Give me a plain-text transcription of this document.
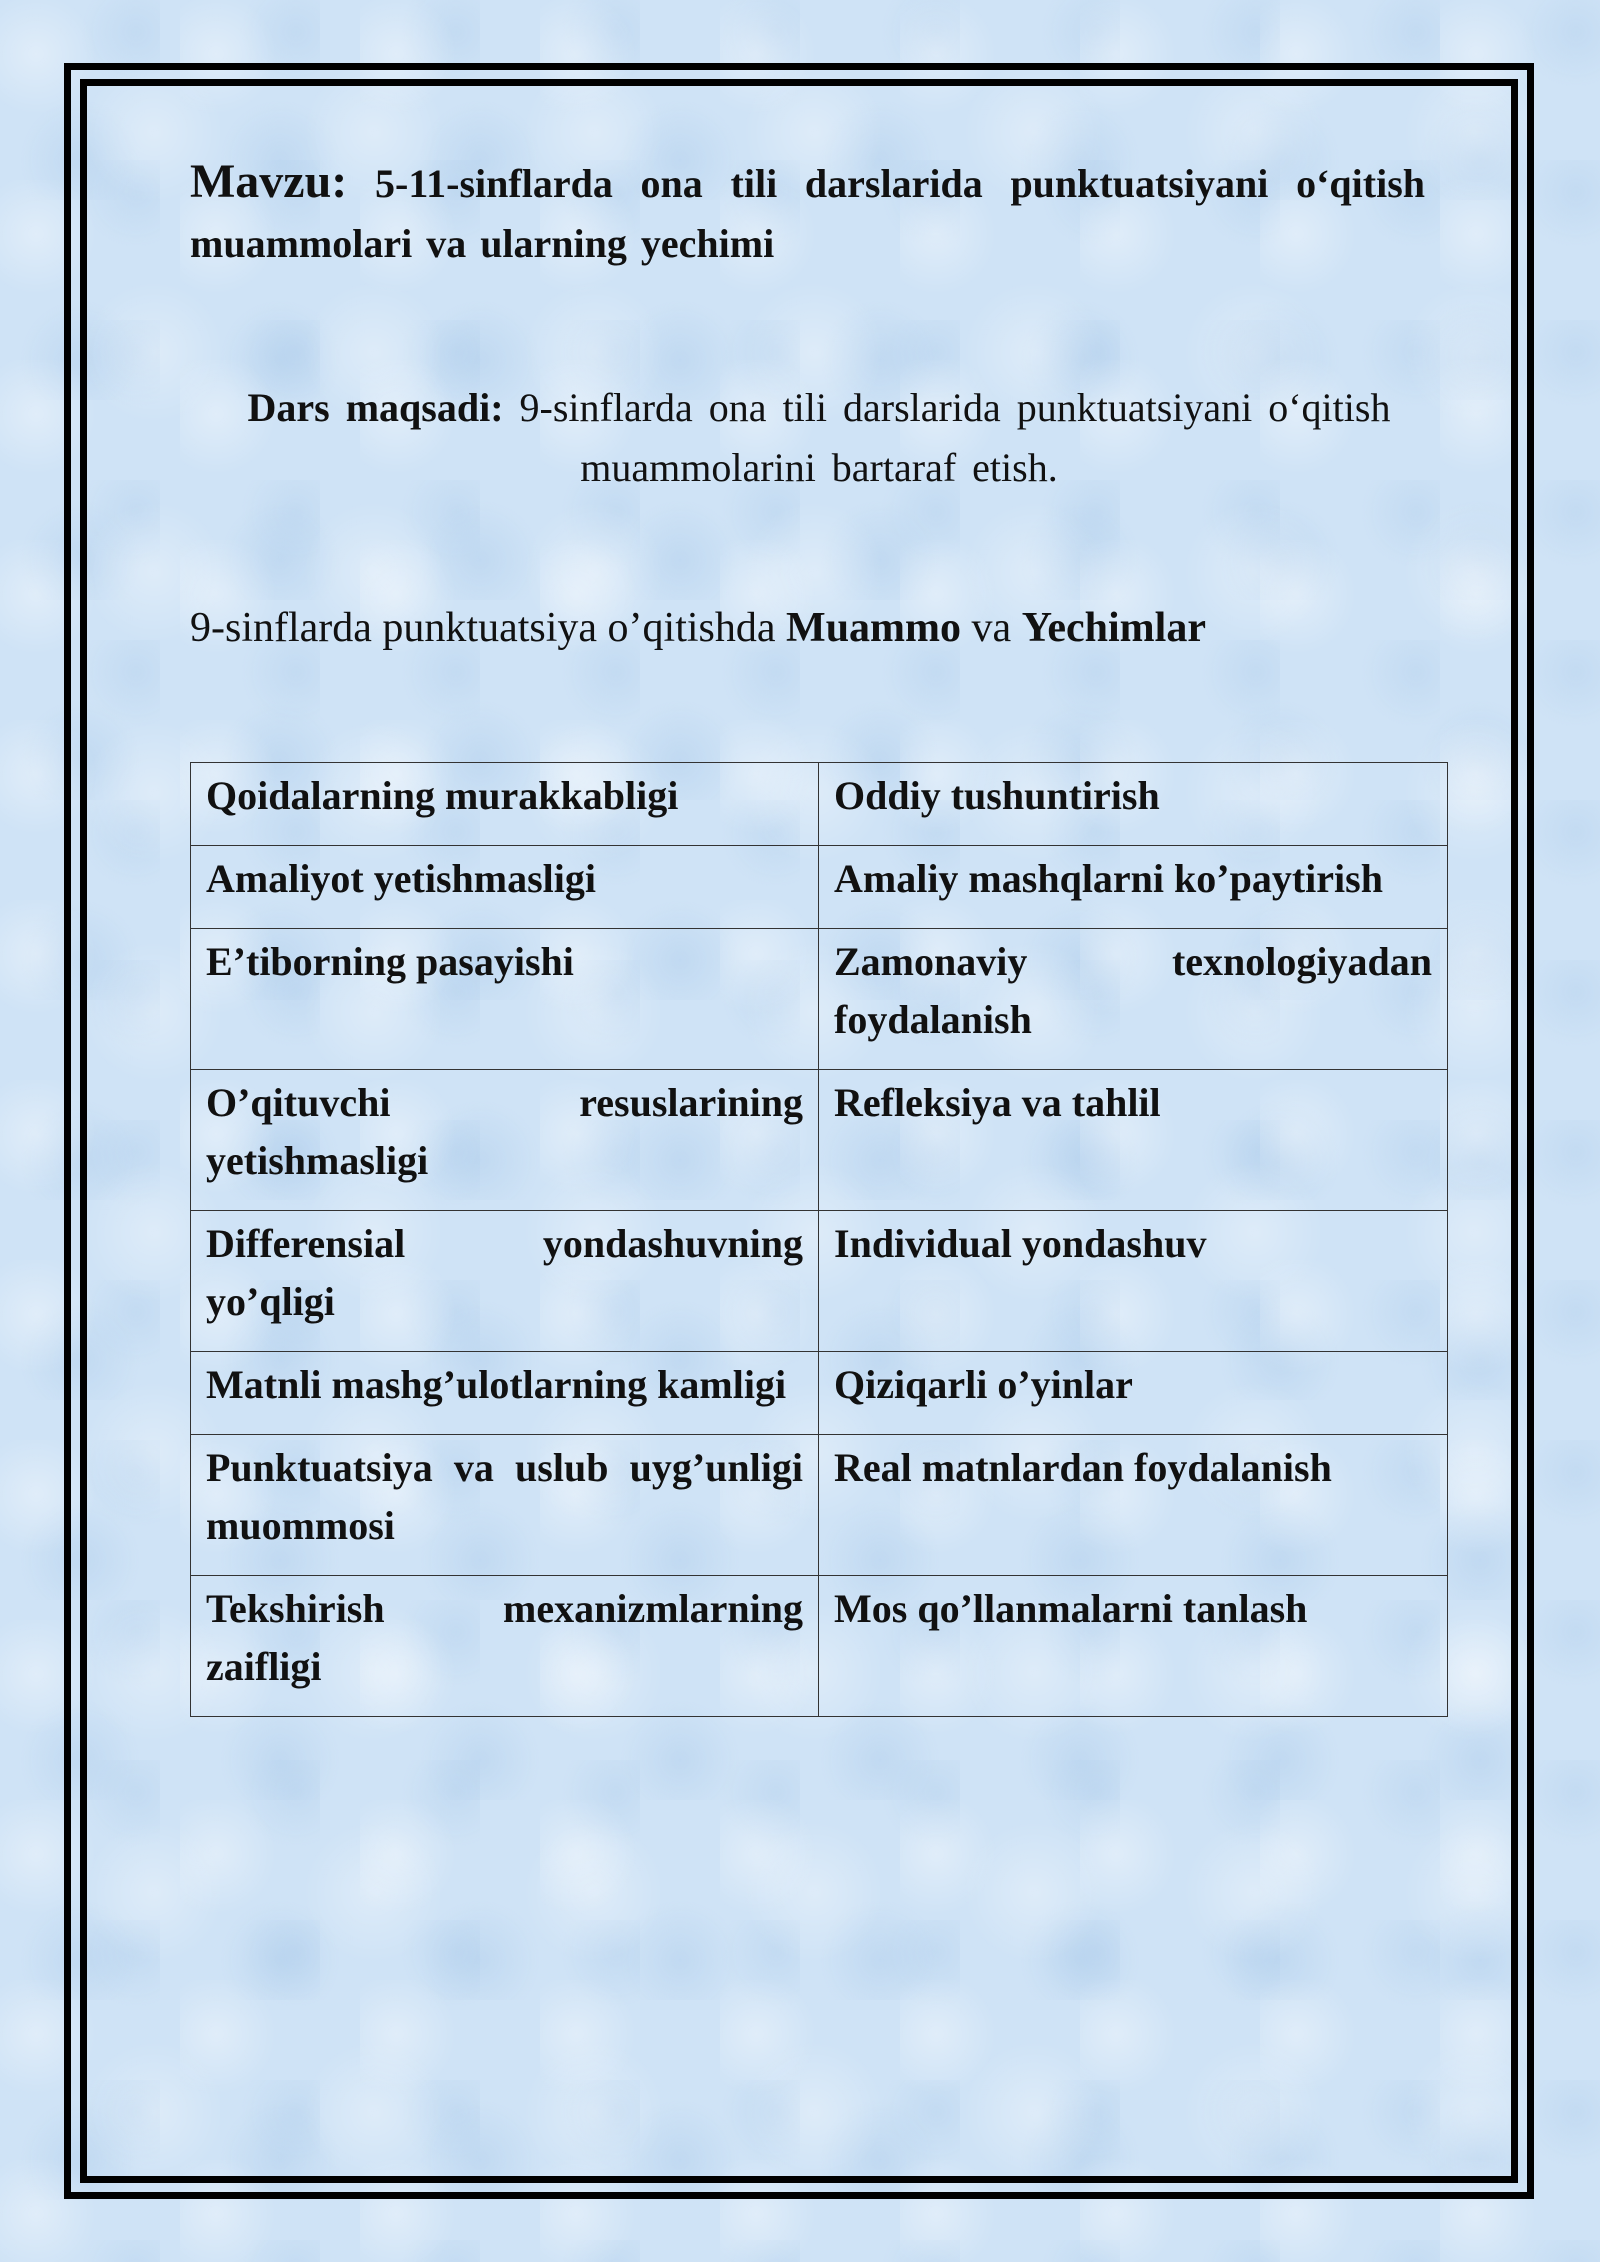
Mavzu: 5-11-sinflarda ona tili darslarida punktuatsiyani o‘qitish muammolari va ularning yechimi

Dars maqsadi: 9-sinflarda ona tili darslarida punktuatsiyani o‘qitish muammolarini bartaraf etish.

9-sinflarda punktuatsiya o’qitishda Muammo va Yechimlar

Qoidalarning murakkabligi	Oddiy tushuntirish
Amaliyot yetishmasligi	Amaliy mashqlarni ko’paytirish
E’tiborning pasayishi	Zamonaviy texnologiyadan foydalanish
O’qituvchi resuslarining yetishmasligi	Refleksiya va tahlil
Differensial yondashuvning yo’qligi	Individual yondashuv
Matnli mashg’ulotlarning kamligi	Qiziqarli o’yinlar
Punktuatsiya va uslub uyg’unligi muommosi	Real matnlardan foydalanish
Tekshirish mexanizmlarning zaifligi	Mos qo’llanmalarni tanlash
